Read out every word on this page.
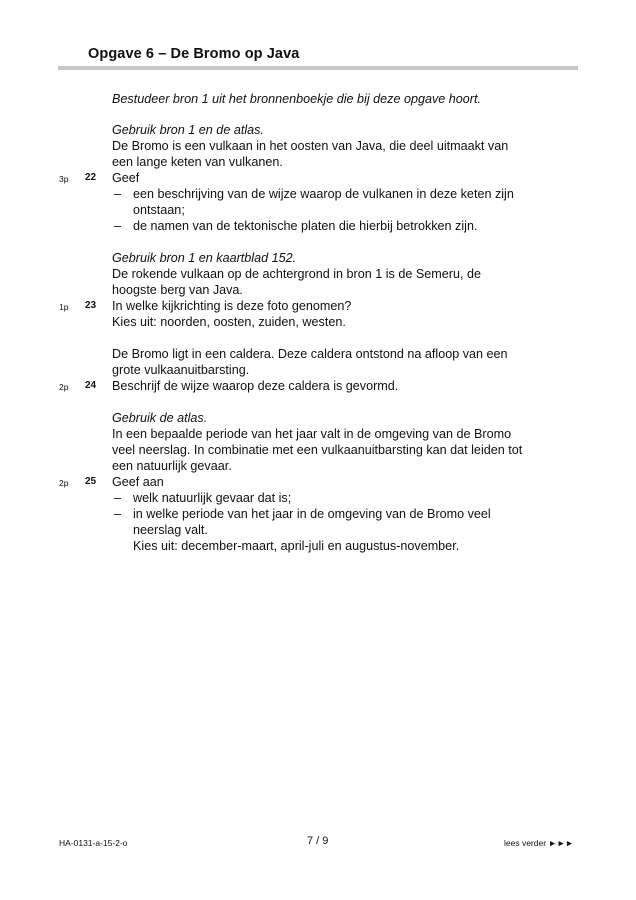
Opgave 6 – De Bromo op Java
Bestudeer bron 1 uit het bronnenboekje die bij deze opgave hoort.
Gebruik bron 1 en de atlas.
De Bromo is een vulkaan in het oosten van Java, die deel uitmaakt van
een lange keten van vulkanen.
3p 22 Geef
– een beschrijving van de wijze waarop de vulkanen in deze keten zijn
ontstaan;
– de namen van de tektonische platen die hierbij betrokken zijn.
Gebruik bron 1 en kaartblad 152.
De rokende vulkaan op de achtergrond in bron 1 is de Semeru, de
hoogste berg van Java.
1p 23 In welke kijkrichting is deze foto genomen?
Kies uit: noorden, oosten, zuiden, westen.
De Bromo ligt in een caldera. Deze caldera ontstond na afloop van een
grote vulkaanuitbarsting.
2p 24 Beschrijf de wijze waarop deze caldera is gevormd.
Gebruik de atlas.
In een bepaalde periode van het jaar valt in de omgeving van de Bromo
veel neerslag. In combinatie met een vulkaanuitbarsting kan dat leiden tot
een natuurlijk gevaar.
2p 25 Geef aan
– welk natuurlijk gevaar dat is;
– in welke periode van het jaar in de omgeving van de Bromo veel
neerslag valt.
Kies uit: december-maart, april-juli en augustus-november.
HA-0131-a-15-2-o	7 / 9	lees verder ►►►
